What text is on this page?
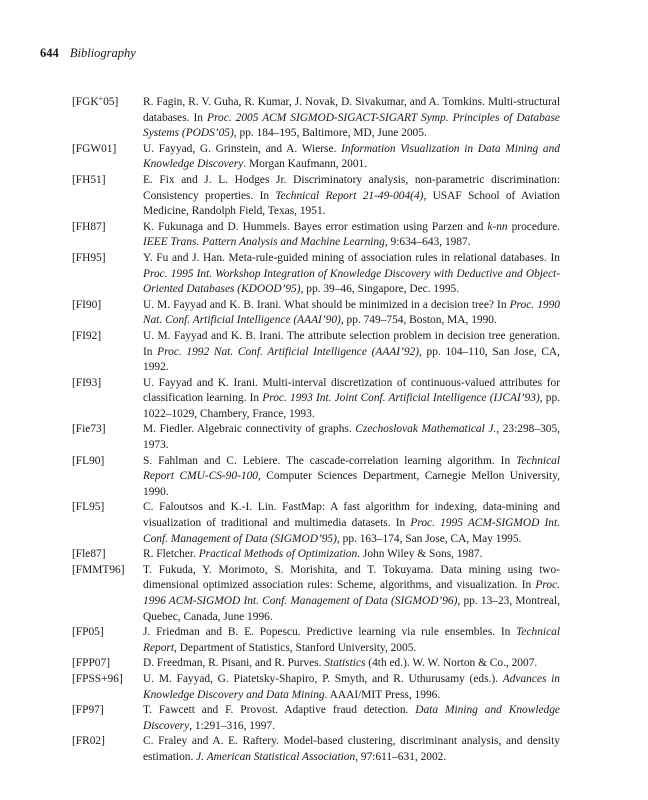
644 Bibliography
[FGK+05] R. Fagin, R. V. Guha, R. Kumar, J. Novak, D. Sivakumar, and A. Tomkins. Multi-structural databases. In Proc. 2005 ACM SIGMOD-SIGACT-SIGART Symp. Principles of Database Systems (PODS’05), pp. 184–195, Baltimore, MD, June 2005.
[FGW01] U. Fayyad, G. Grinstein, and A. Wierse. Information Visualization in Data Mining and Knowledge Discovery. Morgan Kaufmann, 2001.
[FH51]	E. Fix and J. L. Hodges Jr. Discriminatory analysis, non-parametric discrimination: Consistency properties. In Technical Report 21-49-004(4), USAF School of Aviation Medicine, Randolph Field, Texas, 1951.
[FH87]	K. Fukunaga and D. Hummels. Bayes error estimation using Parzen and k-nn procedure. IEEE Trans. Pattern Analysis and Machine Learning, 9:634–643, 1987.
[FH95]	Y. Fu and J. Han. Meta-rule-guided mining of association rules in relational databases. In Proc. 1995 Int. Workshop Integration of Knowledge Discovery with Deductive and Object-Oriented Databases (KDOOD’95), pp. 39–46, Singapore, Dec. 1995.
[FI90]	U. M. Fayyad and K. B. Irani. What should be minimized in a decision tree? In Proc. 1990 Nat. Conf. Artificial Intelligence (AAAI’90), pp. 749–754, Boston, MA, 1990.
[FI92]	U. M. Fayyad and K. B. Irani. The attribute selection problem in decision tree generation. In Proc. 1992 Nat. Conf. Artificial Intelligence (AAAI’92), pp. 104–110, San Jose, CA, 1992.
[FI93]	U. Fayyad and K. Irani. Multi-interval discretization of continuous-valued attributes for classification learning. In Proc. 1993 Int. Joint Conf. Artificial Intelligence (IJCAI’93), pp. 1022–1029, Chambery, France, 1993.
[Fie73]	M. Fiedler. Algebraic connectivity of graphs. Czechoslovak Mathematical J., 23:298–305, 1973.
[FL90]	S. Fahlman and C. Lebiere. The cascade-correlation learning algorithm. In Technical Report CMU-CS-90-100, Computer Sciences Department, Carnegie Mellon University, 1990.
[FL95]	C. Faloutsos and K.-I. Lin. FastMap: A fast algorithm for indexing, data-mining and visualization of traditional and multimedia datasets. In Proc. 1995 ACM-SIGMOD Int. Conf. Management of Data (SIGMOD’95), pp. 163–174, San Jose, CA, May 1995.
[Fle87]	R. Fletcher. Practical Methods of Optimization. John Wiley & Sons, 1987.
[FMMT96] T. Fukuda, Y. Morimoto, S. Morishita, and T. Tokuyama. Data mining using two-dimensional optimized association rules: Scheme, algorithms, and visualization. In Proc. 1996 ACM-SIGMOD Int. Conf. Management of Data (SIGMOD’96), pp. 13–23, Montreal, Quebec, Canada, June 1996.
[FP05]	J. Friedman and B. E. Popescu. Predictive learning via rule ensembles. In Technical Report, Department of Statistics, Stanford University, 2005.
[FPP07]	D. Freedman, R. Pisani, and R. Purves. Statistics (4th ed.). W. W. Norton & Co., 2007.
[FPSS+96] U. M. Fayyad, G. Piatetsky-Shapiro, P. Smyth, and R. Uthurusamy (eds.). Advances in Knowledge Discovery and Data Mining. AAAI/MIT Press, 1996.
[FP97]	T. Fawcett and F. Provost. Adaptive fraud detection. Data Mining and Knowledge Discovery, 1:291–316, 1997.
[FR02]	C. Fraley and A. E. Raftery. Model-based clustering, discriminant analysis, and density estimation. J. American Statistical Association, 97:611–631, 2002.
